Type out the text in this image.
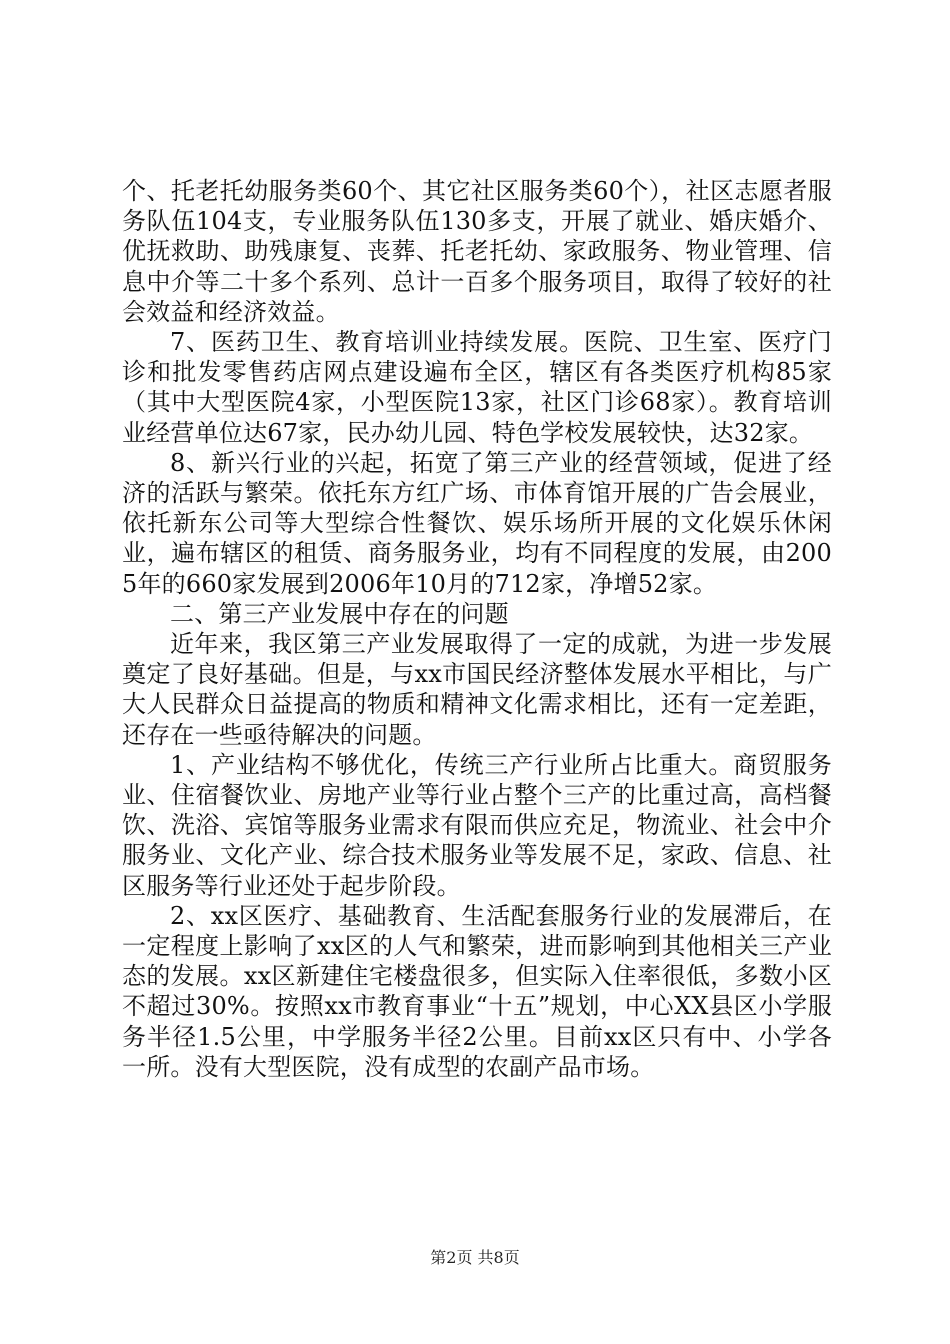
个、托老托幼服务类60个、其它社区服务类60个），社区志愿者服务队伍104支，专业服务队伍130多支，开展了就业、婚庆婚介、优抚救助、助残康复、丧葬、托老托幼、家政服务、物业管理、信息中介等二十多个系列、总计一百多个服务项目，取得了较好的社会效益和经济效益。

7、医药卫生、教育培训业持续发展。医院、卫生室、医疗门诊和批发零售药店网点建设遍布全区，辖区有各类医疗机构85家（其中大型医院4家，小型医院13家，社区门诊68家）。教育培训业经营单位达67家，民办幼儿园、特色学校发展较快，达32家。

8、新兴行业的兴起，拓宽了第三产业的经营领域，促进了经济的活跃与繁荣。依托东方红广场、市体育馆开展的广告会展业，依托新东公司等大型综合性餐饮、娱乐场所开展的文化娱乐休闲业，遍布辖区的租赁、商务服务业，均有不同程度的发展，由2005年的660家发展到2006年10月的712家，净增52家。

二、第三产业发展中存在的问题

近年来，我区第三产业发展取得了一定的成就，为进一步发展奠定了良好基础。但是，与xx市国民经济整体发展水平相比，与广大人民群众日益提高的物质和精神文化需求相比，还有一定差距，还存在一些亟待解决的问题。

1、产业结构不够优化，传统三产行业所占比重大。商贸服务业、住宿餐饮业、房地产业等行业占整个三产的比重过高，高档餐饮、洗浴、宾馆等服务业需求有限而供应充足，物流业、社会中介服务业、文化产业、综合技术服务业等发展不足，家政、信息、社区服务等行业还处于起步阶段。

2、xx区医疗、基础教育、生活配套服务行业的发展滞后，在一定程度上影响了xx区的人气和繁荣，进而影响到其他相关三产业态的发展。xx区新建住宅楼盘很多，但实际入住率很低，多数小区不超过30%。按照xx市教育事业“十五”规划，中心XX县区小学服务半径1.5公里，中学服务半径2公里。目前xx区只有中、小学各一所。没有大型医院，没有成型的农副产品市场。

第2页 共8页
